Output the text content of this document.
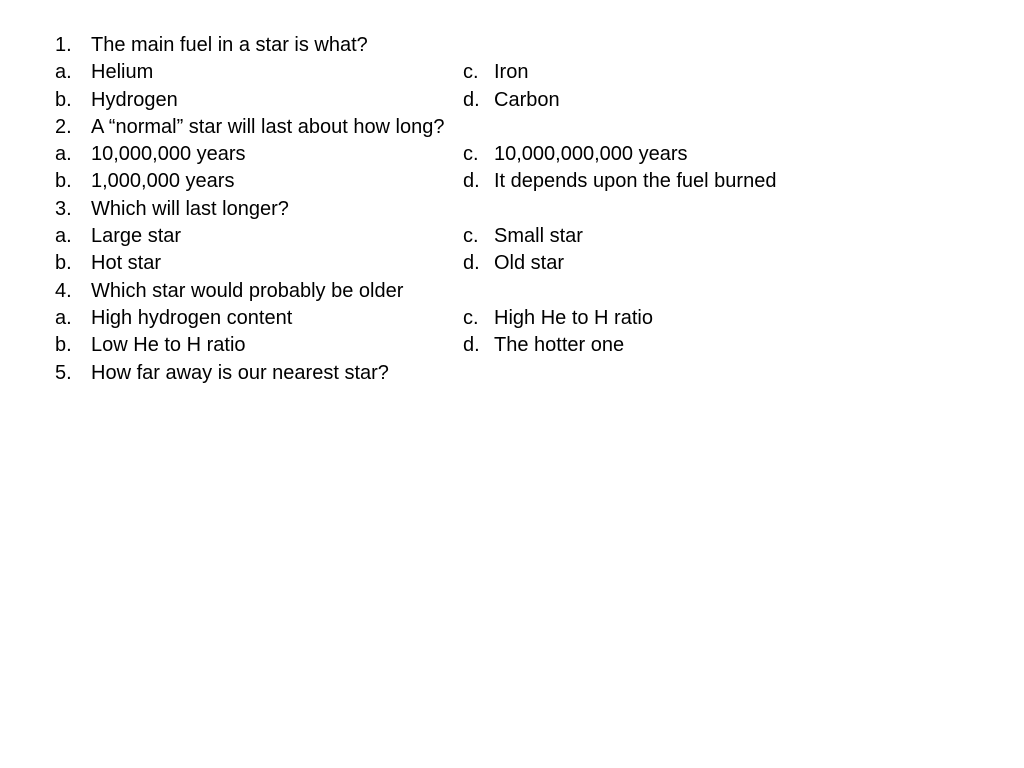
1. The main fuel in a star is what?
a. Helium	c. Iron
b. Hydrogen	d. Carbon
2. A “normal” star will last about how long?
a. 10,000,000 years	c. 10,000,000,000 years
b. 1,000,000 years	d. It depends upon the fuel burned
3. Which will last longer?
a. Large star	c. Small star
b. Hot star	d. Old star
4. Which star would probably be older
a. High hydrogen content	c. High He to H ratio
b. Low He to H ratio	d. The hotter one
5. How far away is our nearest star?
